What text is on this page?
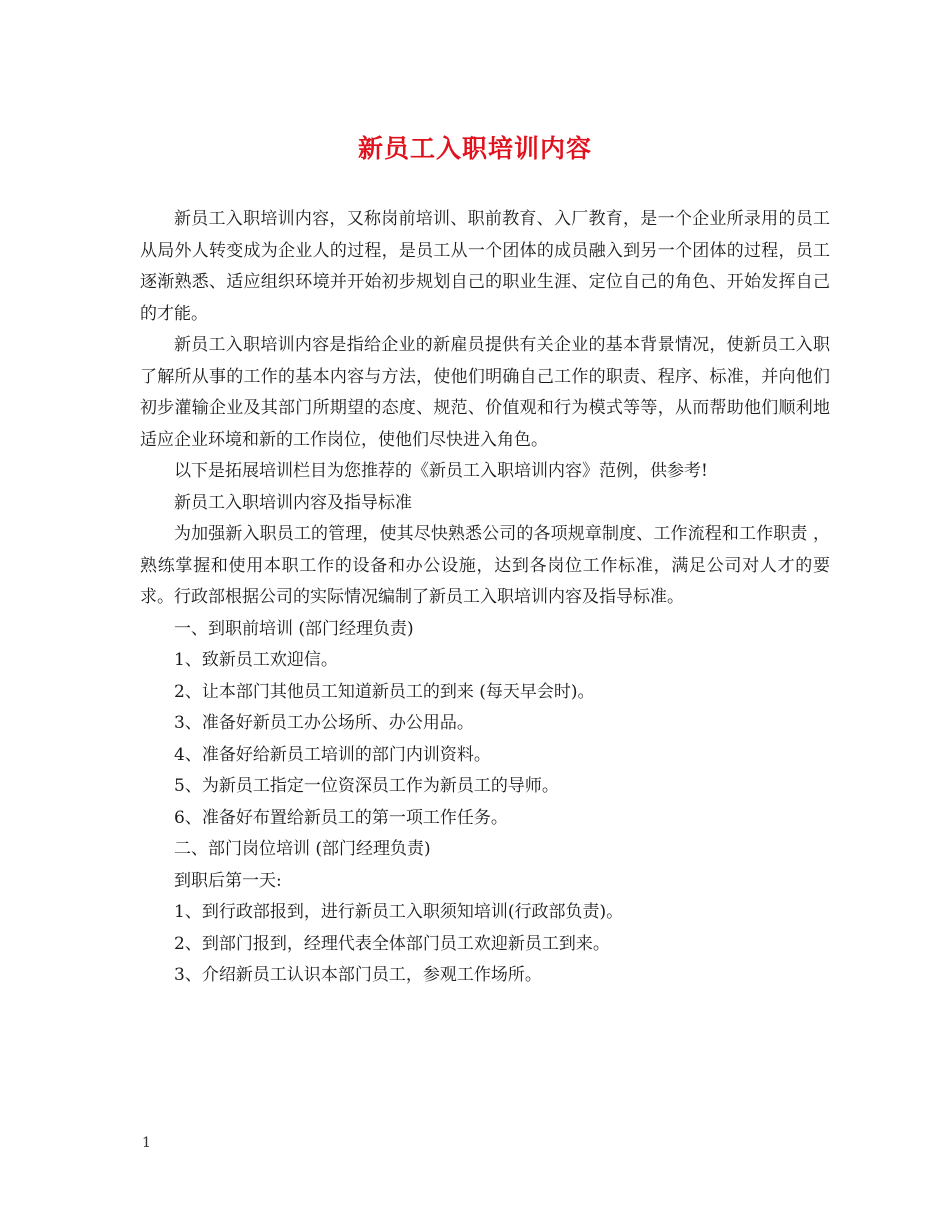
新员工入职培训内容

新员工入职培训内容，又称岗前培训、职前教育、入厂教育，是一个企业所录用的员工从局外人转变成为企业人的过程，是员工从一个团体的成员融入到另一个团体的过程，员工逐渐熟悉、适应组织环境并开始初步规划自己的职业生涯、定位自己的角色、开始发挥自己的才能。

新员工入职培训内容是指给企业的新雇员提供有关企业的基本背景情况，使新员工入职了解所从事的工作的基本内容与方法，使他们明确自己工作的职责、程序、标准，并向他们初步灌输企业及其部门所期望的态度、规范、价值观和行为模式等等，从而帮助他们顺利地适应企业环境和新的工作岗位，使他们尽快进入角色。

以下是拓展培训栏目为您推荐的《新员工入职培训内容》范例，供参考!

新员工入职培训内容及指导标准

为加强新入职员工的管理，使其尽快熟悉公司的各项规章制度、工作流程和工作职责 ，熟练掌握和使用本职工作的设备和办公设施，达到各岗位工作标准，满足公司对人才的要求。行政部根据公司的实际情况编制了新员工入职培训内容及指导标准。

一、到职前培训 (部门经理负责)

1、致新员工欢迎信。

2、让本部门其他员工知道新员工的到来 (每天早会时)。

3、准备好新员工办公场所、办公用品。

4、准备好给新员工培训的部门内训资料。

5、为新员工指定一位资深员工作为新员工的导师。

6、准备好布置给新员工的第一项工作任务。

二、部门岗位培训 (部门经理负责)

到职后第一天:

1、到行政部报到，进行新员工入职须知培训(行政部负责)。

2、到部门报到，经理代表全体部门员工欢迎新员工到来。

3、介绍新员工认识本部门员工，参观工作场所。

1
